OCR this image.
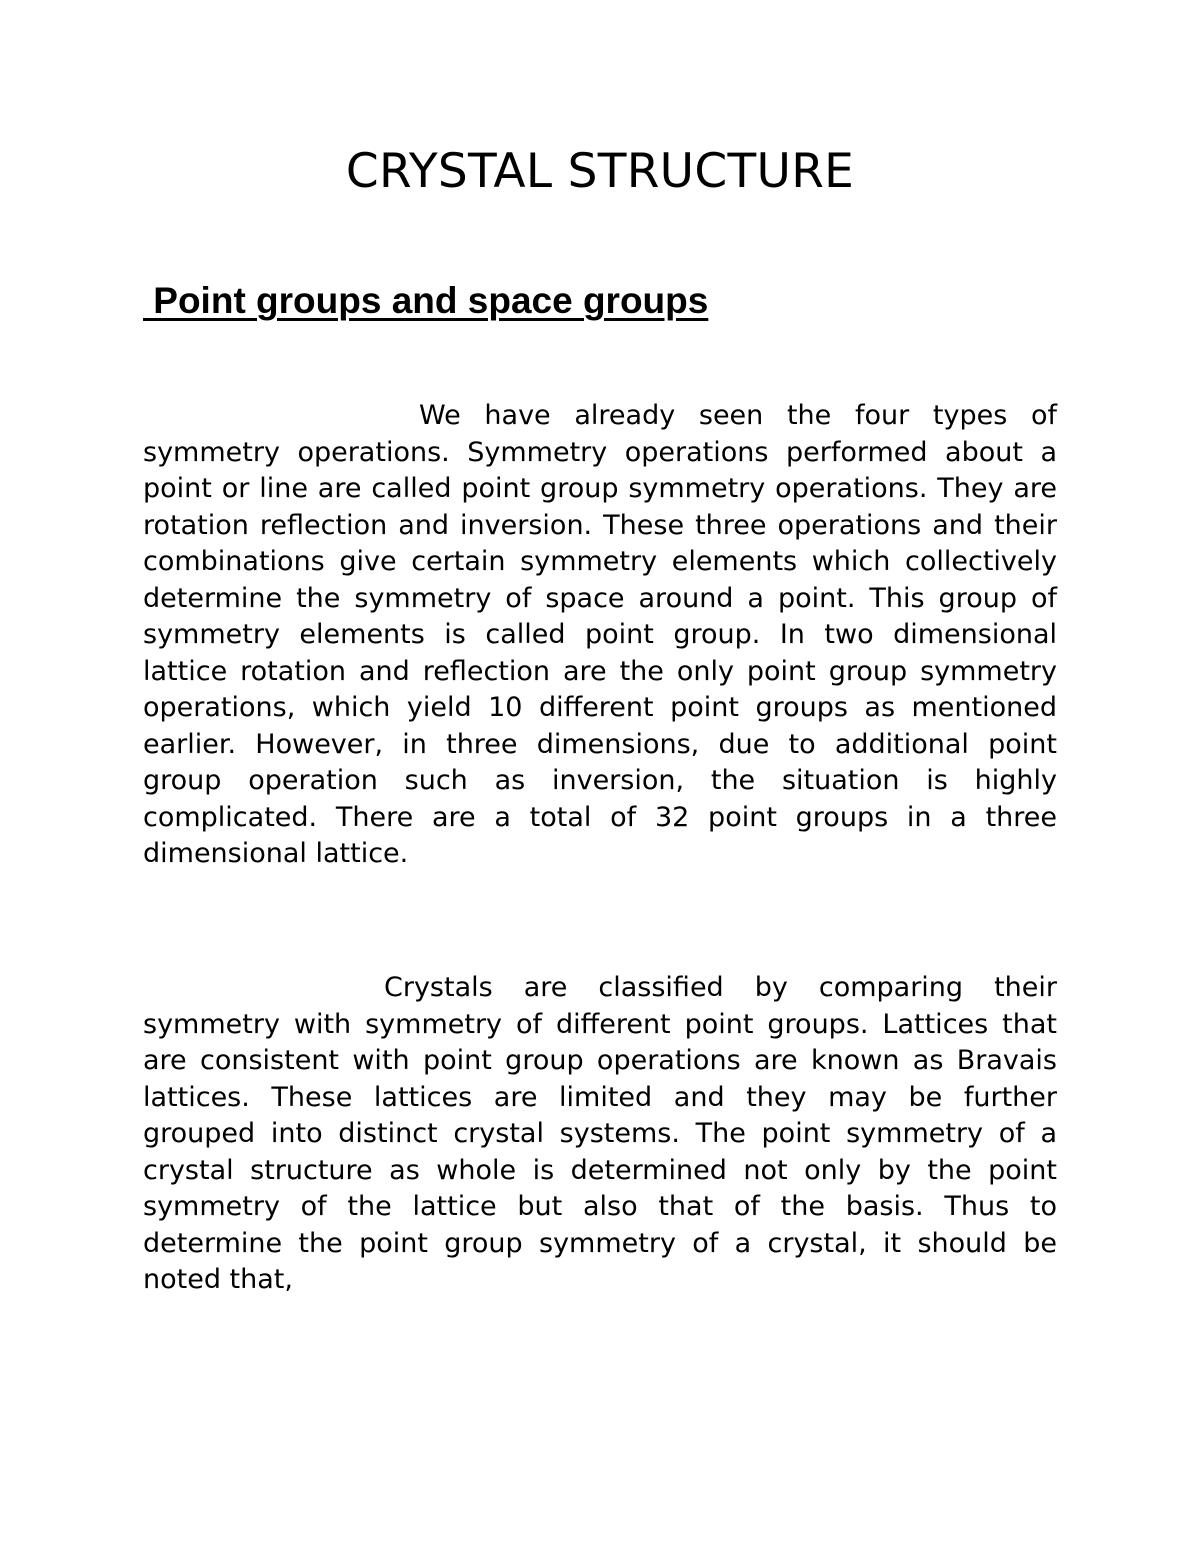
CRYSTAL STRUCTURE
Point groups and space groups

We have already seen the four types of symmetry operations. Symmetry operations performed about a point or line are called point group symmetry operations. They are rotation reflection and inversion. These three operations and their combinations give certain symmetry elements which collectively determine the symmetry of space around a point. This group of symmetry elements is called point group. In two dimensional lattice rotation and reflection are the only point group symmetry operations, which yield 10 different point groups as mentioned earlier. However, in three dimensions, due to additional point group operation such as inversion, the situation is highly complicated. There are a total of 32 point groups in a three dimensional lattice.

Crystals are classified by comparing their symmetry with symmetry of different point groups. Lattices that are consistent with point group operations are known as Bravais lattices. These lattices are limited and they may be further grouped into distinct crystal systems. The point symmetry of a crystal structure as whole is determined not only by the point symmetry of the lattice but also that of the basis. Thus to determine the point group symmetry of a crystal, it should be noted that,
